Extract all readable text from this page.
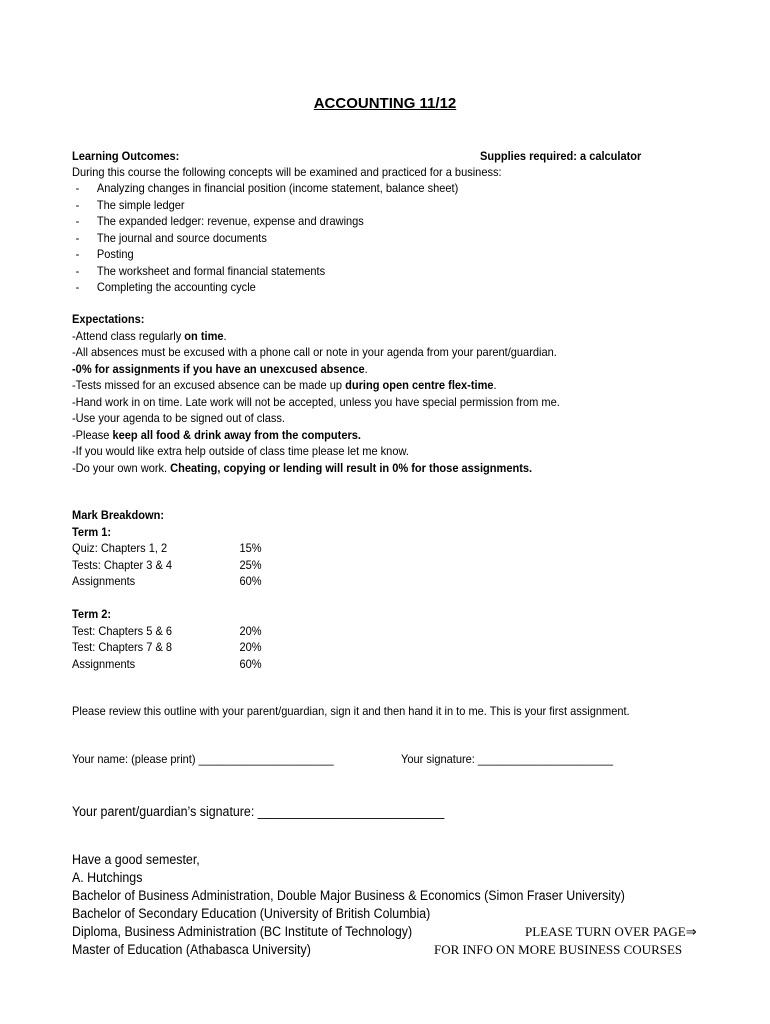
ACCOUNTING 11/12
Learning Outcomes:	Supplies required: a calculator
During this course the following concepts will be examined and practiced for a business:
- Analyzing changes in financial position (income statement, balance sheet)
- The simple ledger
- The expanded ledger: revenue, expense and drawings
- The journal and source documents
- Posting
- The worksheet and formal financial statements
- Completing the accounting cycle
Expectations:
-Attend class regularly on time.
-All absences must be excused with a phone call or note in your agenda from your parent/guardian.
-0% for assignments if you have an unexcused absence.
-Tests missed for an excused absence can be made up during open centre flex-time.
-Hand work in on time. Late work will not be accepted, unless you have special permission from me.
-Use your agenda to be signed out of class.
-Please keep all food & drink away from the computers.
-If you would like extra help outside of class time please let me know.
-Do your own work. Cheating, copying or lending will result in 0% for those assignments.
Mark Breakdown:
Term 1:
Quiz: Chapters 1, 2	15%
Tests: Chapter 3 & 4	25%
Assignments	60%
Term 2:
Test: Chapters 5 & 6	20%
Test: Chapters 7 & 8	20%
Assignments	60%
Please review this outline with your parent/guardian, sign it and then hand it in to me. This is your first assignment.
Your name: (please print) ______________________	Your signature: ______________________
Your parent/guardian’s signature: ___________________________
Have a good semester,
A. Hutchings
Bachelor of Business Administration, Double Major Business & Economics (Simon Fraser University)
Bachelor of Secondary Education (University of British Columbia)
Diploma, Business Administration (BC Institute of Technology)
Master of Education (Athabasca University)
PLEASE TURN OVER PAGE⇒
FOR INFO ON MORE BUSINESS COURSES
